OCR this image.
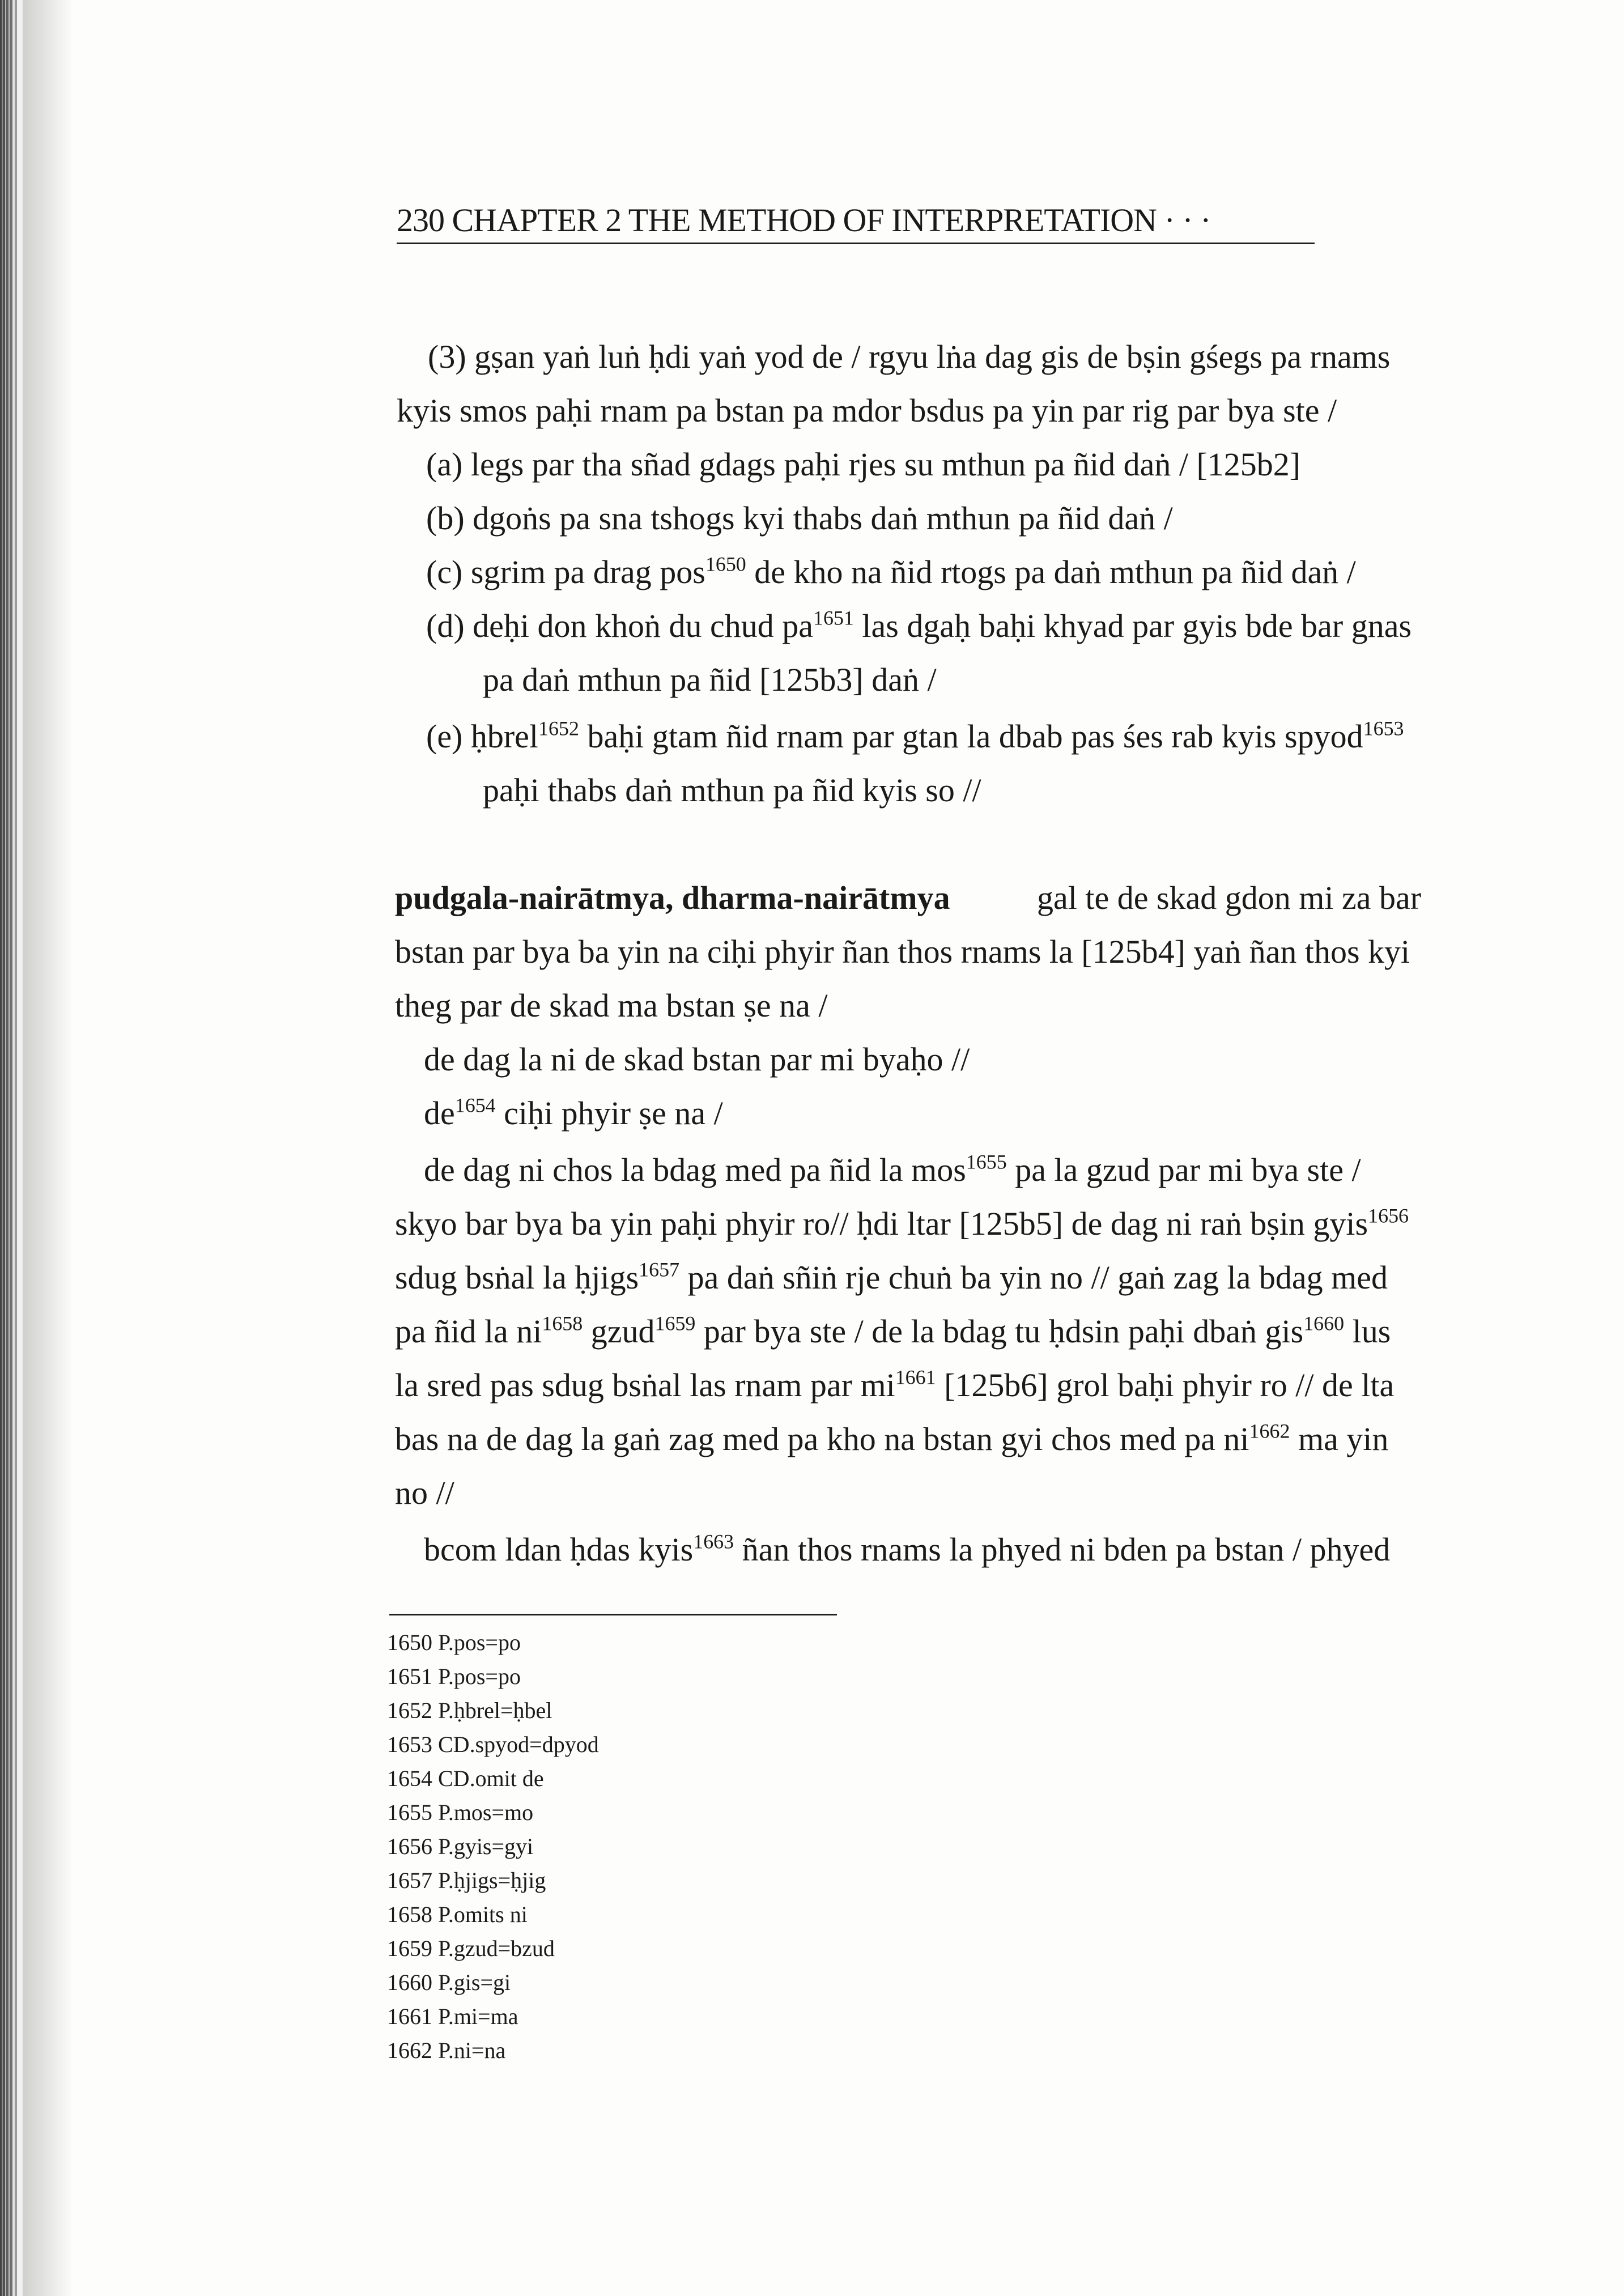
230 CHAPTER 2 THE METHOD OF INTERPRETATION · · ·
(3) gṣan yaṅ luṅ ḥdi yaṅ yod de / rgyu lṅa dag gis de bṣin gśegs pa rnams
kyis smos paḥi rnam pa bstan pa mdor bsdus pa yin par rig par bya ste /
(a) legs par tha sñad gdags paḥi rjes su mthun pa ñid daṅ / [125b2]
(b) dgoṅs pa sna tshogs kyi thabs daṅ mthun pa ñid daṅ /
(c) sgrim pa drag pos$^{1650}$ de kho na ñid rtogs pa daṅ mthun pa ñid daṅ /
(d) deḥi don khoṅ du chud $pa^{1651}$ las dgaḥ baḥi khyad par gyis bde bar gnas
pa daṅ mthun pa ñid [125b3] daṅ /
(e) ḥbrel$^{1652}$ baḥi gtam ñid rnam par gtan la dbab pas śes rab kyis spyod$^{1653}$
paḥi thabs daṅ mthun pa ñid kyis so //
pudgala-nairātmya, dharma-nairātmya	gal te de skad gdon mi za bar
bstan par bya ba yin na ciḥi phyir ñan thos rnams la [125b4] yaṅ ñan thos kyi
theg par de skad ma bstan ṣe na /
de dag la ni de skad bstan par mi byaḥo //
$de^{1654}$ ciḥi phyir ṣe na /
de dag ni chos la bdag med pa ñid la mos$^{1655}$ pa la gzud par mi bya ste /
skyo bar bya ba yin paḥi phyir ro// ḥdi ltar [125b5] de dag ni raṅ bṣin gyis$^{1656}$
sdug bsṅal la ḥjigs$^{1657}$ pa daṅ sñiṅ rje chuṅ ba yin no // gaṅ zag la bdag med
pa ñid la $ni^{1658}$ gzud$^{1659}$ par bya ste / de la bdag tu ḥdsin paḥi dbaṅ gis$^{1660}$ lus
la sred pas sdug bsṅal las rnam par $mi^{1661}$ [125b6] grol baḥi phyir ro // de lta
bas na de dag la gaṅ zag med pa kho na bstan gyi chos med pa $ni^{1662}$ ma yin
no //
bcom ldan ḥdas kyis$^{1663}$ ñan thos rnams la phyed ni bden pa bstan / phyed
1650 P.pos=po
1651 P.pos=po
1652 P.ḥbrel=ḥbel
1653 CD.spyod=dpyod
1654 CD.omit de
1655 P.mos=mo
1656 P.gyis=gyi
1657 P.ḥjigs=ḥjig
1658 P.omits ni
1659 P.gzud=bzud
1660 P.gis=gi
1661 P.mi=ma
1662 P.ni=na
